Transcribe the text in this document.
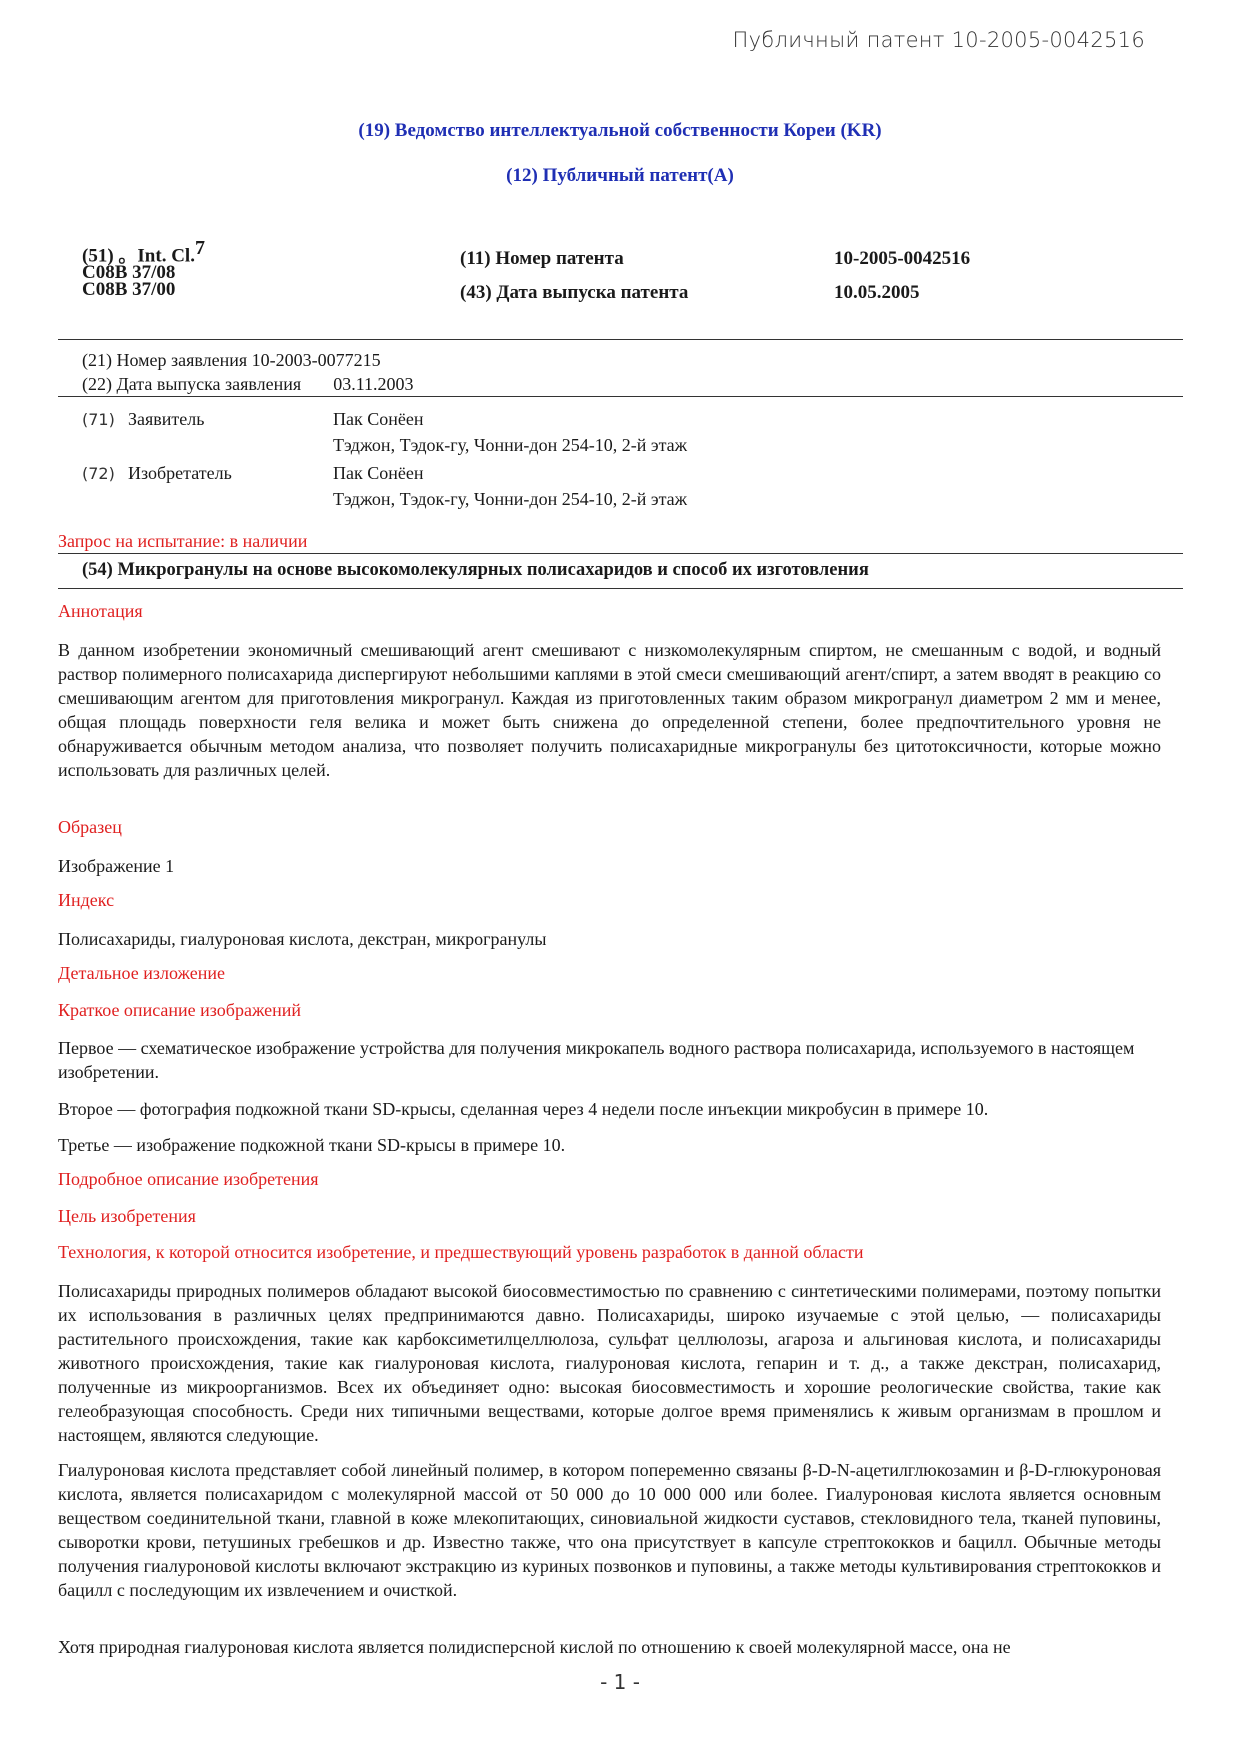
Публичный патент 10-2005-0042516
(19) Ведомство интеллектуальной собственности Кореи (KR)
(12) Публичный патент(A)
(51) 。Int. Cl.$^7$
C08B 37/08
C08B 37/00
(11) Номер патента	10-2005-0042516
(43) Дата выпуска патента	10.05.2005
(21) Номер заявления 10-2003-0077215
(22) Дата выпуска заявления 03.11.2003
(71) Заявитель	Пак Сонёен
Тэджон, Тэдок-гу, Чонни-дон 254-10, 2-й этаж
(72) Изобретатель	Пак Сонёен
Тэджон, Тэдок-гу, Чонни-дон 254-10, 2-й этаж
Запрос на испытание: в наличии
(54) Микрогранулы на основе высокомолекулярных полисахаридов и способ их изготовления
Аннотация
В данном изобретении экономичный смешивающий агент смешивают с низкомолекулярным спиртом, не смешанным с водой, и водный раствор полимерного полисахарида диспергируют небольшими каплями в этой смеси смешивающий агент/спирт, а затем вводят в реакцию со смешивающим агентом для приготовления микрогранул. Каждая из приготовленных таким образом микрогранул диаметром 2 мм и менее, общая площадь поверхности геля велика и может быть снижена до определенной степени, более предпочтительного уровня не обнаруживается обычным методом анализа, что позволяет получить полисахаридные микрогранулы без цитотоксичности, которые можно использовать для различных целей.
Образец
Изображение 1
Индекс
Полисахариды, гиалуроновая кислота, декстран, микрогранулы
Детальное изложение
Краткое описание изображений
Первое — схематическое изображение устройства для получения микрокапель водного раствора полисахарида, используемого в настоящем изобретении.
Второе — фотография подкожной ткани SD-крысы, сделанная через 4 недели после инъекции микробусин в примере 10.
Третье — изображение подкожной ткани SD-крысы в примере 10.
Подробное описание изобретения
Цель изобретения
Технология, к которой относится изобретение, и предшествующий уровень разработок в данной области
Полисахариды природных полимеров обладают высокой биосовместимостью по сравнению с синтетическими полимерами, поэтому попытки их использования в различных целях предпринимаются давно. Полисахариды, широко изучаемые с этой целью, — полисахариды растительного происхождения, такие как карбоксиметилцеллюлоза, сульфат целлюлозы, агароза и альгиновая кислота, и полисахариды животного происхождения, такие как гиалуроновая кислота, гиалуроновая кислота, гепарин и т. д., а также декстран, полисахарид, полученные из микроорганизмов. Всех их объединяет одно: высокая биосовместимость и хорошие реологические свойства, такие как гелеобразующая способность. Среди них типичными веществами, которые долгое время применялись к живым организмам в прошлом и настоящем, являются следующие.
Гиалуроновая кислота представляет собой линейный полимер, в котором попеременно связаны β-D-N-ацетилглюкозамин и β-D-глюкуроновая кислота, является полисахаридом с молекулярной массой от 50 000 до 10 000 000 или более. Гиалуроновая кислота является основным веществом соединительной ткани, главной в коже млекопитающих, синовиальной жидкости суставов, стекловидного тела, тканей пуповины, сыворотки крови, петушиных гребешков и др. Известно также, что она присутствует в капсуле стрептококков и бацилл. Обычные методы получения гиалуроновой кислоты включают экстракцию из куриных позвонков и пуповины, а также методы культивирования стрептококков и бацилл с последующим их извлечением и очисткой.
Хотя природная гиалуроновая кислота является полидисперсной кислой по отношению к своей молекулярной массе, она не
- 1 -
